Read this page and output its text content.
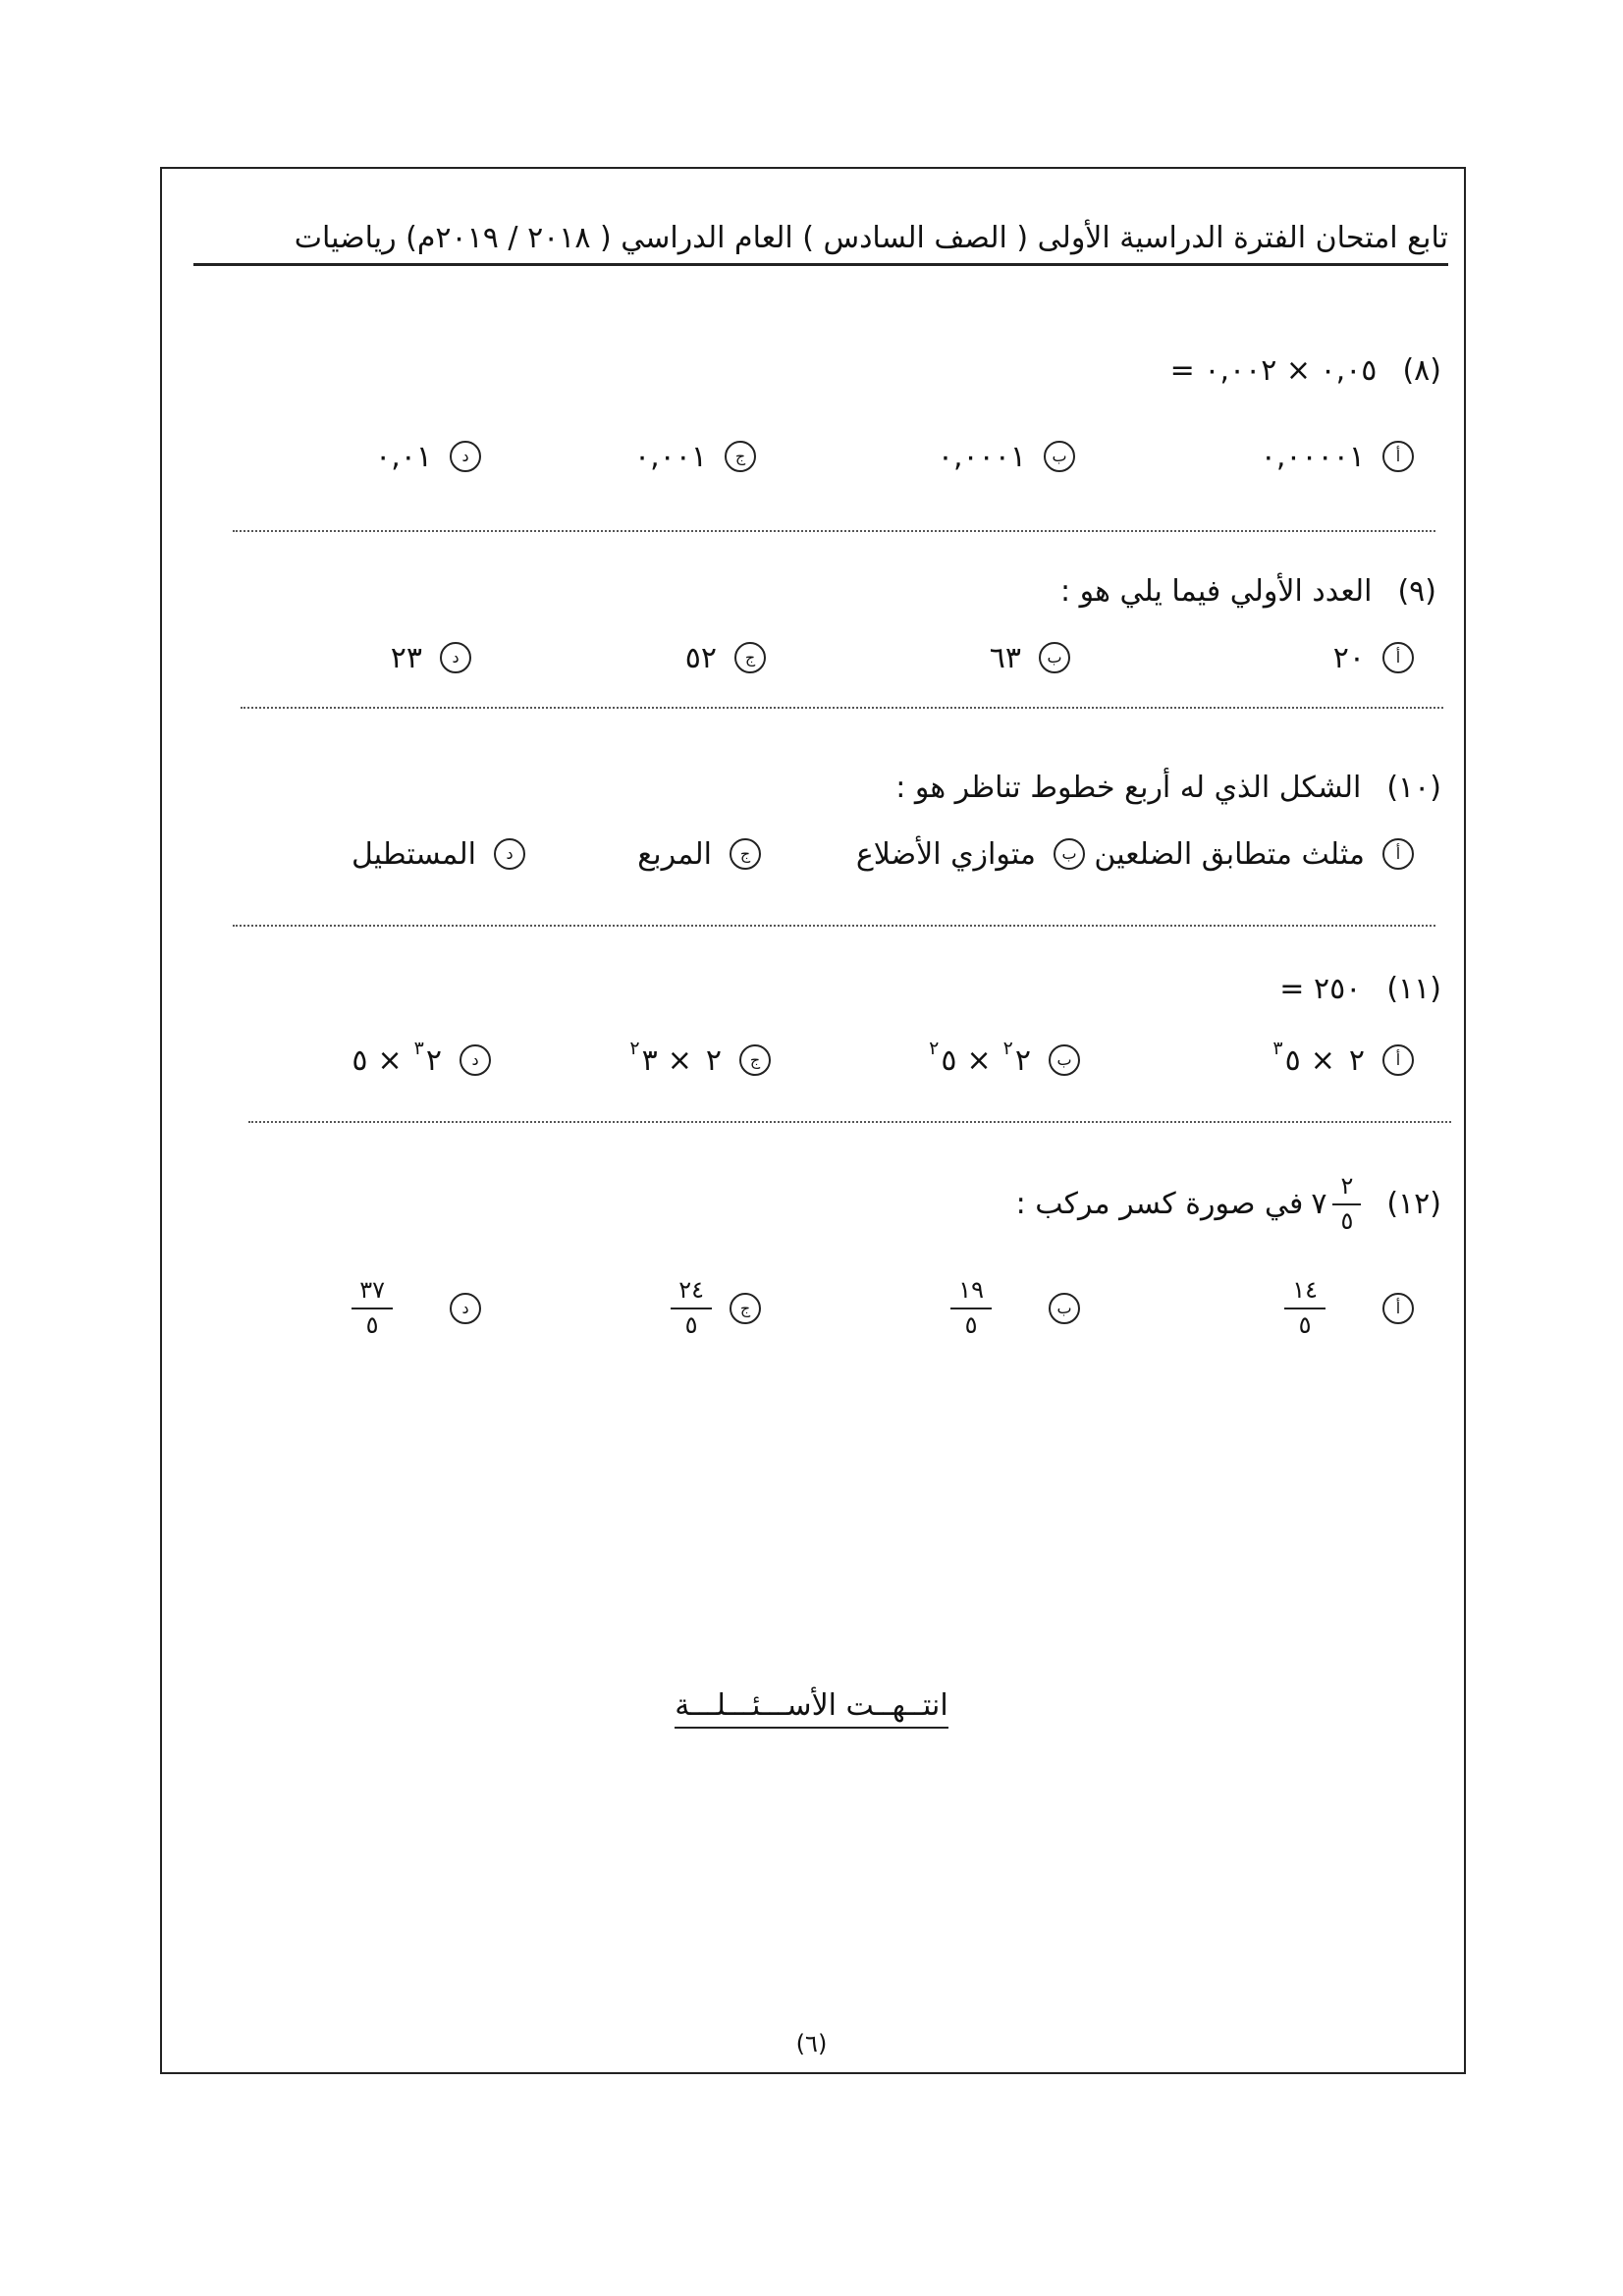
تابع امتحان الفترة الدراسية الأولى ( الصف السادس ) العام الدراسي ( ٢٠١٨ / ٢٠١٩م) رياضيات
(٨)٠,٠٥ × ٠,٠٠٢ =
أ
٠,٠٠٠٠١
ب
٠,٠٠٠١
ج
٠,٠٠١
د
٠,٠١
(٩)العدد الأولي فيما يلي هو :
أ
٢٠
ب
٦٣
ج
٥٢
د
٢٣
(١٠)الشكل الذي له أربع خطوط تناظر هو :
أ
مثلث متطابق الضلعين
ب
متوازي الأضلاع
ج
المربع
د
المستطيل
(١١)٢٥٠ =
أ
٢
×
٥
٣
ب
٢
٢
×
٥
٢
ج
٢
×
٣
٢
د
٢
٣
×
٥
(١٢)
$\frac{٢}{٥}$
٧
في صورة كسر مركب :
أ
$\frac{١٤}{٥}$
ب
$\frac{١٩}{٥}$
ج
$\frac{٢٤}{٥}$
د
$\frac{٣٧}{٥}$
انتــهــت الأســـئـــلـــة
(٦)
